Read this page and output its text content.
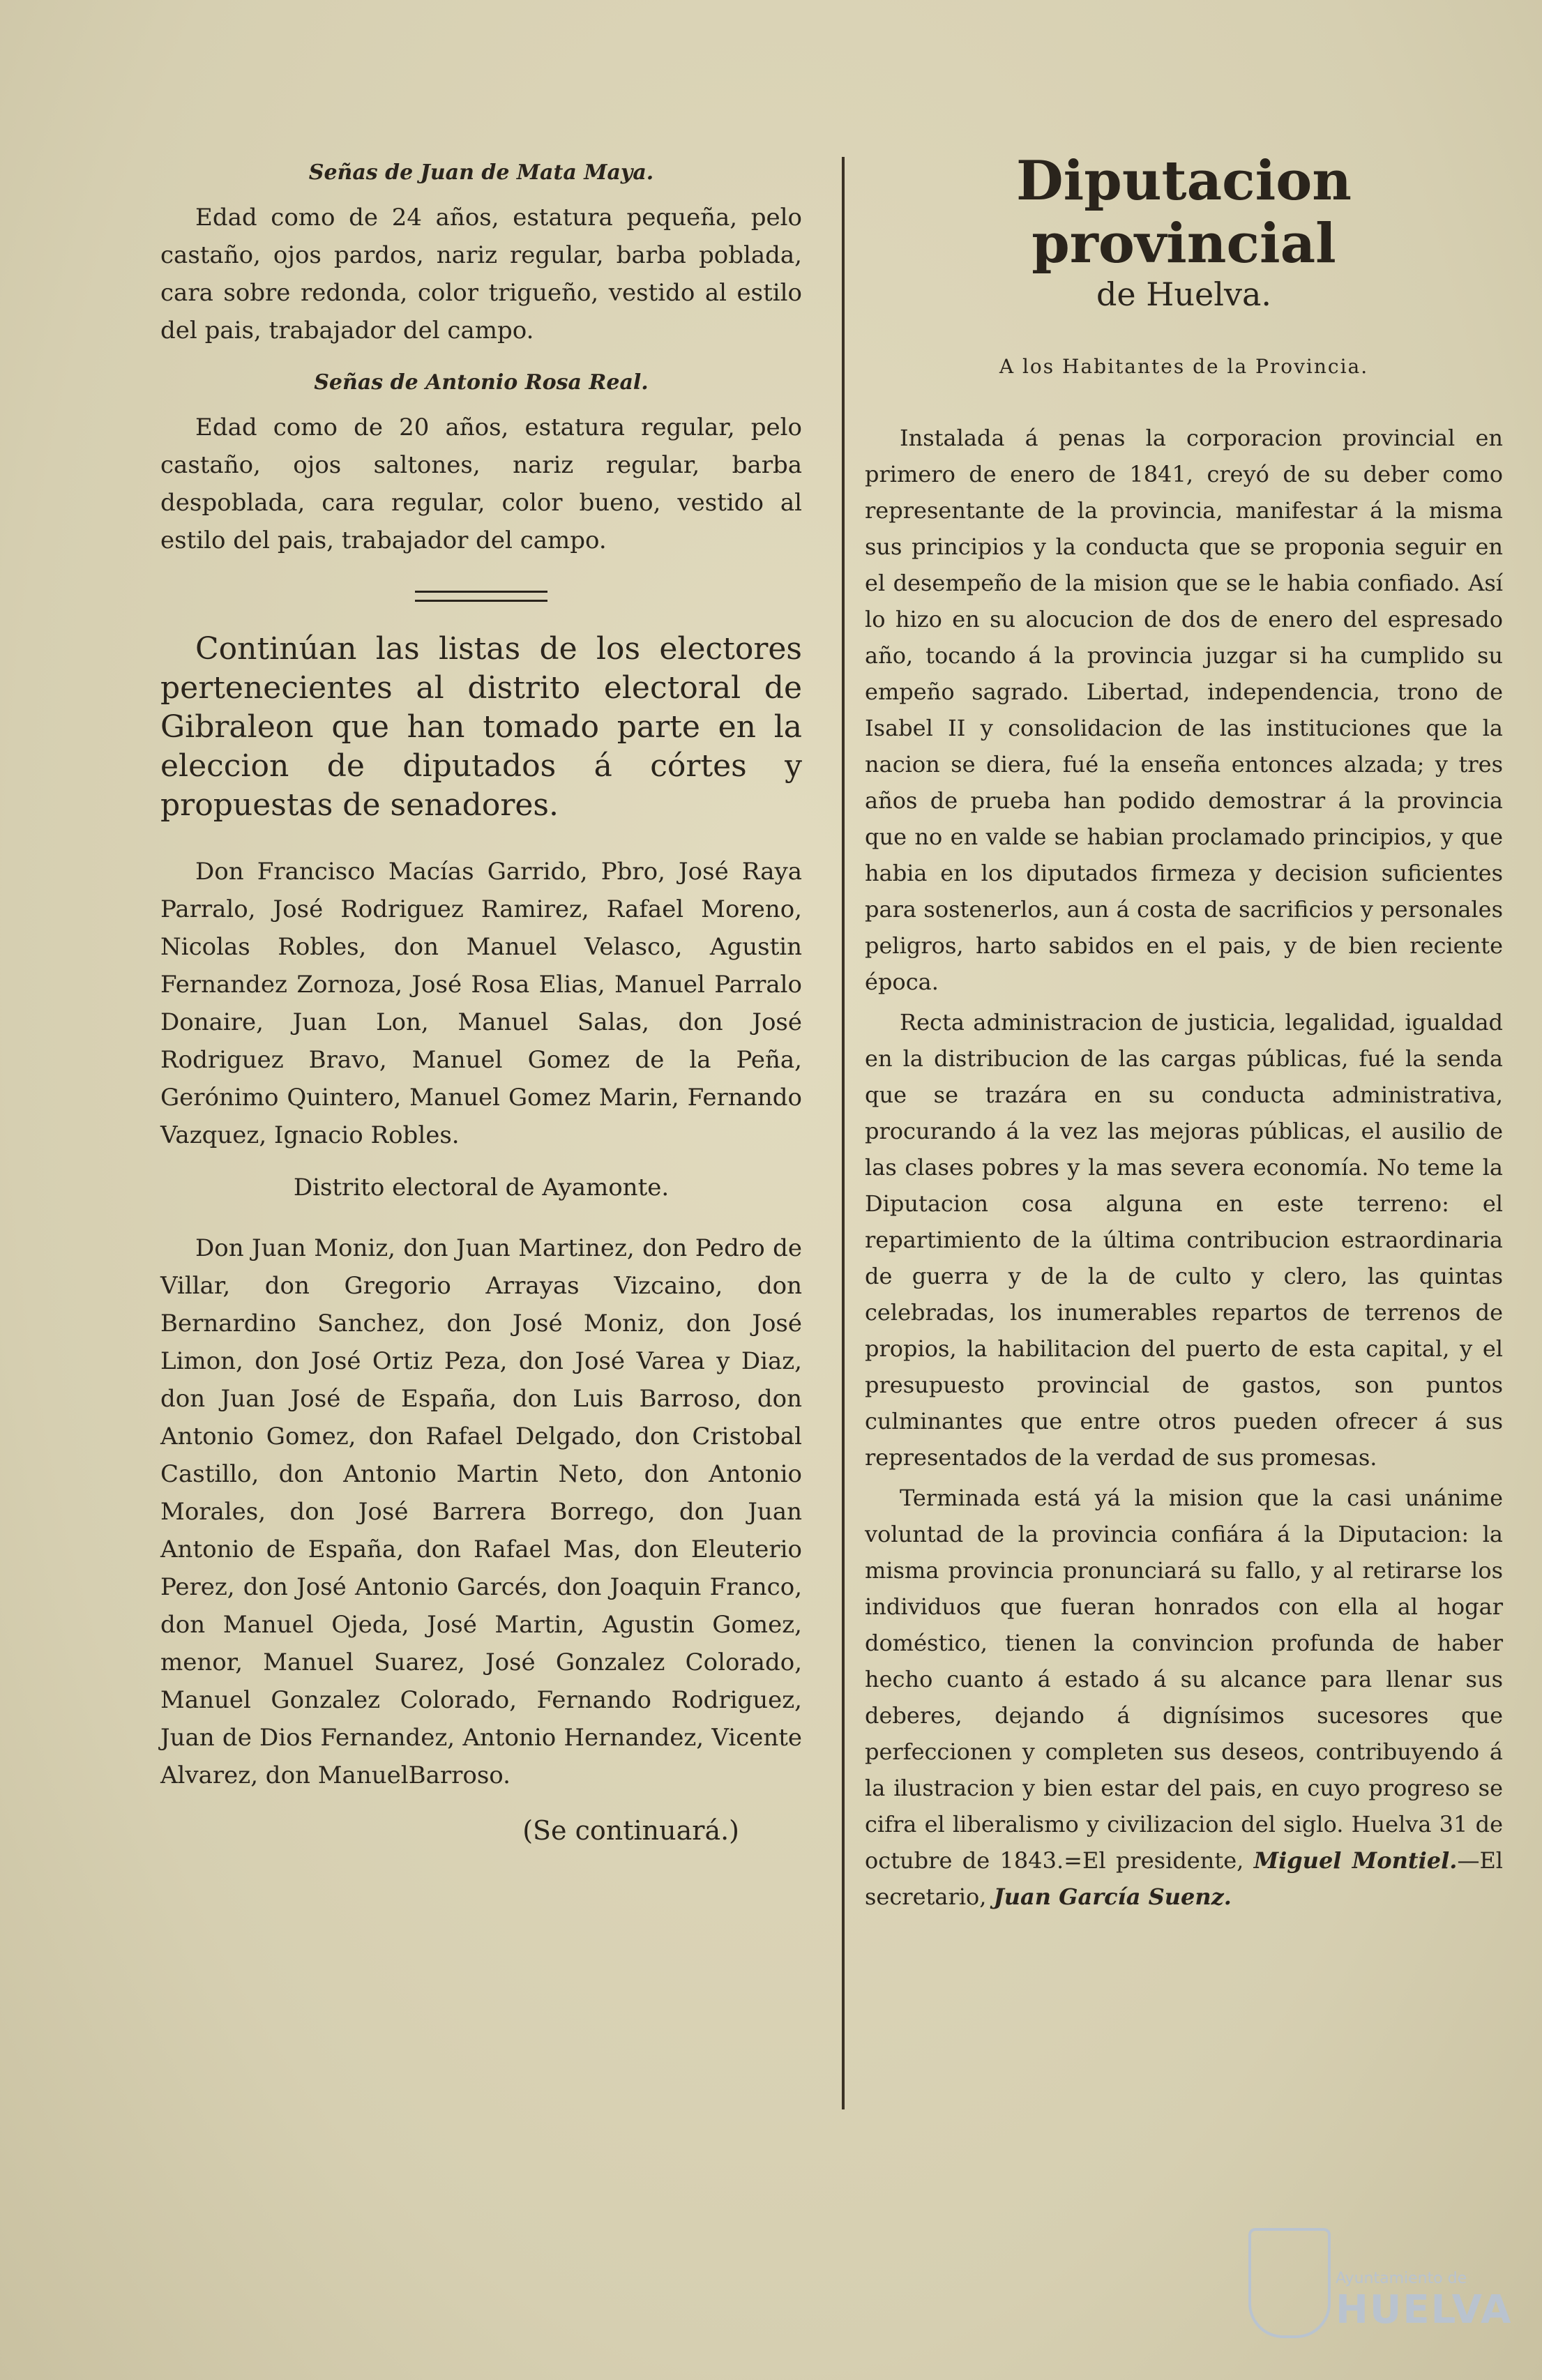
Señas de Juan de Mata Maya.

Edad como de 24 años, estatura pequeña, pelo castaño, ojos pardos, nariz regular, barba poblada, cara sobre redonda, color trigueño, vestido al estilo del pais, trabajador del campo.

Señas de Antonio Rosa Real.

Edad como de 20 años, estatura regular, pelo castaño, ojos saltones, nariz regular, barba despoblada, cara regular, color bueno, vestido al estilo del pais, trabajador del campo.

Continúan las listas de los electores pertenecientes al distrito electoral de Gibraleon que han tomado parte en la eleccion de diputados á córtes y propuestas de senadores.

Don Francisco Macías Garrido, Pbro, José Raya Parralo, José Rodriguez Ramirez, Rafael Moreno, Nicolas Robles, don Manuel Velasco, Agustin Fernandez Zornoza, José Rosa Elias, Manuel Parralo Donaire, Juan Lon, Manuel Salas, don José Rodriguez Bravo, Manuel Gomez de la Peña, Gerónimo Quintero, Manuel Gomez Marin, Fernando Vazquez, Ignacio Robles.

Distrito electoral de Ayamonte.

Don Juan Moniz, don Juan Martinez, don Pedro de Villar, don Gregorio Arrayas Vizcaino, don Bernardino Sanchez, don José Moniz, don José Limon, don José Ortiz Peza, don José Varea y Diaz, don Juan José de España, don Luis Barroso, don Antonio Gomez, don Rafael Delgado, don Cristobal Castillo, don Antonio Martin Neto, don Antonio Morales, don José Barrera Borrego, don Juan Antonio de España, don Rafael Mas, don Eleuterio Perez, don José Antonio Garcés, don Joaquin Franco, don Manuel Ojeda, José Martin, Agustin Gomez, menor, Manuel Suarez, José Gonzalez Colorado, Manuel Gonzalez Colorado, Fernando Rodriguez, Juan de Dios Fernandez, Antonio Hernandez, Vicente Alvarez, don ManuelBarroso.

(Se continuará.)
Diputacion provincial
de Huelva.
A los Habitantes de la Provincia.

Instalada á penas la corporacion provincial en primero de enero de 1841, creyó de su deber como representante de la provincia, manifestar á la misma sus principios y la conducta que se proponia seguir en el desempeño de la mision que se le habia confiado. Así lo hizo en su alocucion de dos de enero del espresado año, tocando á la provincia juzgar si ha cumplido su empeño sagrado. Libertad, independencia, trono de Isabel II y consolidacion de las instituciones que la nacion se diera, fué la enseña entonces alzada; y tres años de prueba han podido demostrar á la provincia que no en valde se habian proclamado principios, y que habia en los diputados firmeza y decision suficientes para sostenerlos, aun á costa de sacrificios y personales peligros, harto sabidos en el pais, y de bien reciente época.

Recta administracion de justicia, legalidad, igualdad en la distribucion de las cargas públicas, fué la senda que se trazára en su conducta administrativa, procurando á la vez las mejoras públicas, el ausilio de las clases pobres y la mas severa economía. No teme la Diputacion cosa alguna en este terreno: el repartimiento de la última contribucion estraordinaria de guerra y de la de culto y clero, las quintas celebradas, los inumerables repartos de terrenos de propios, la habilitacion del puerto de esta capital, y el presupuesto provincial de gastos, son puntos culminantes que entre otros pueden ofrecer á sus representados de la verdad de sus promesas.

Terminada está yá la mision que la casi unánime voluntad de la provincia confiára á la Diputacion: la misma provincia pronunciará su fallo, y al retirarse los individuos que fueran honrados con ella al hogar doméstico, tienen la convincion profunda de haber hecho cuanto á estado á su alcance para llenar sus deberes, dejando á dignísimos sucesores que perfeccionen y completen sus deseos, contribuyendo á la ilustracion y bien estar del pais, en cuyo progreso se cifra el liberalismo y civilizacion del siglo. Huelva 31 de octubre de 1843.=El presidente, Miguel Montiel.—El secretario, Juan García Suenz.

Ayuntamiento de
HUELVA
